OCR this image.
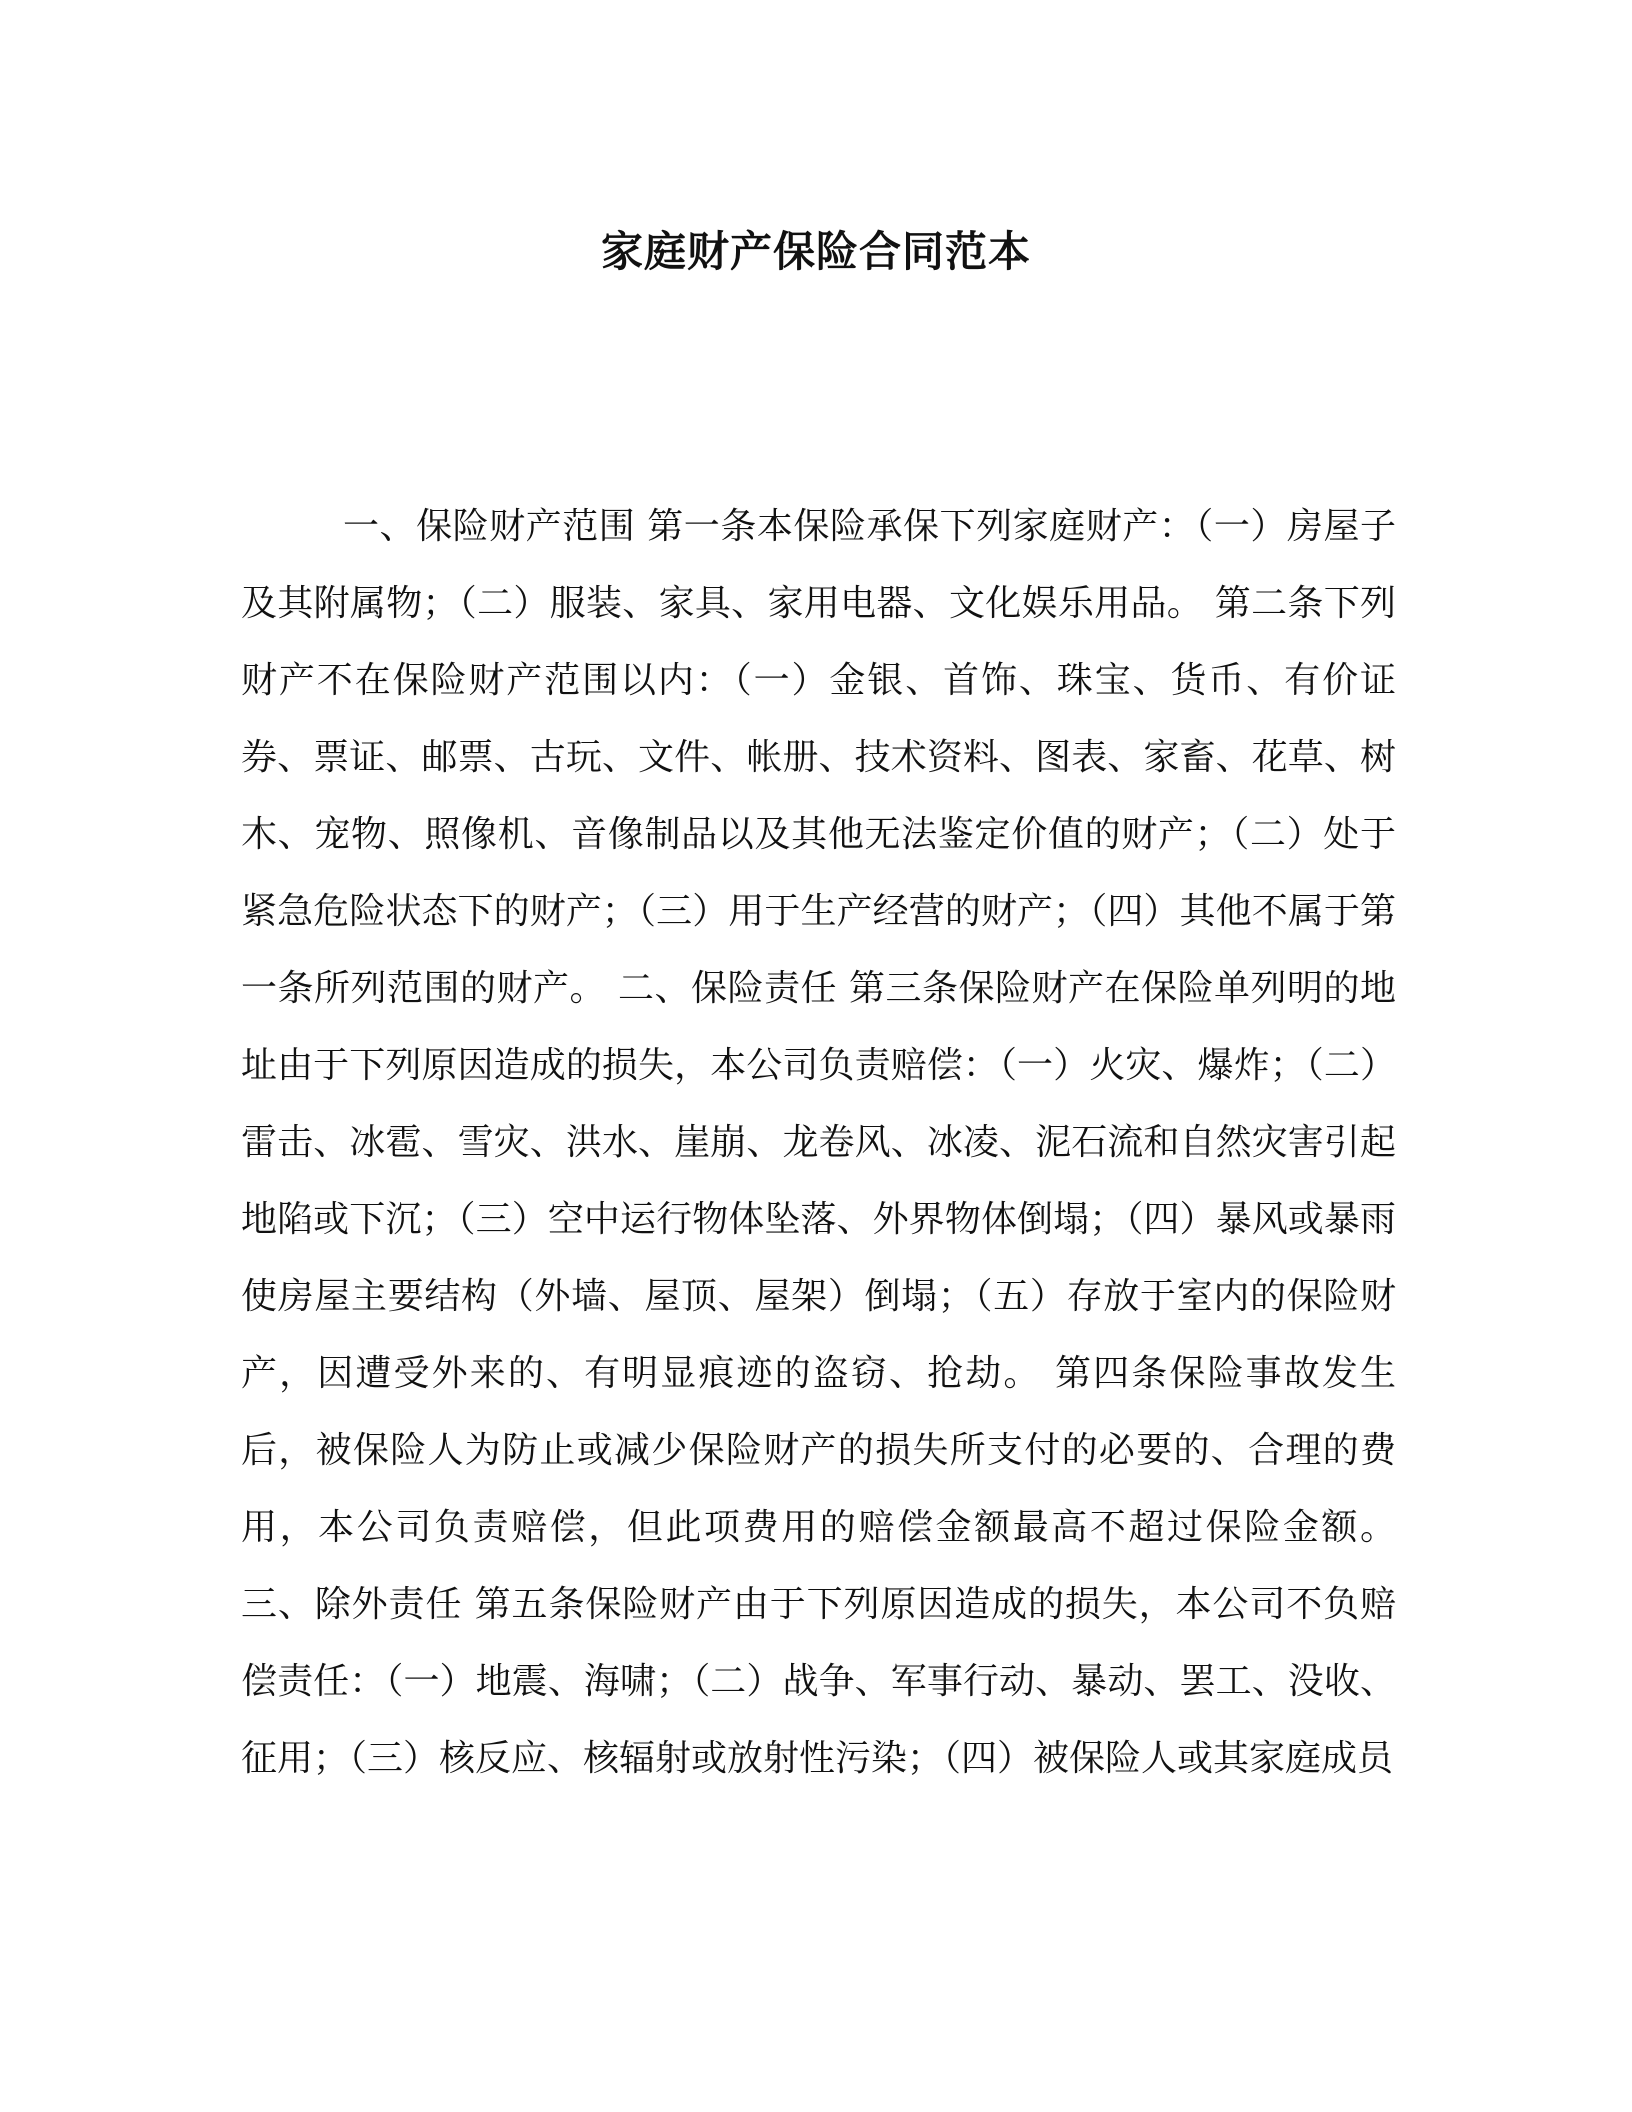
家庭财产保险合同范本

一、保险财产范围 第一条本保险承保下列家庭财产：（一）房屋子及其附属物；（二）服装、家具、家用电器、文化娱乐用品。 第二条下列财产不在保险财产范围以内：（一）金银、首饰、珠宝、货币、有价证券、票证、邮票、古玩、文件、帐册、技术资料、图表、家畜、花草、树木、宠物、照像机、音像制品以及其他无法鉴定价值的财产；（二）处于紧急危险状态下的财产；（三）用于生产经营的财产；（四）其他不属于第一条所列范围的财产。 二、保险责任 第三条保险财产在保险单列明的地址由于下列原因造成的损失，本公司负责赔偿：（一）火灾、爆炸；（二）雷击、冰雹、雪灾、洪水、崖崩、龙卷风、冰凌、泥石流和自然灾害引起地陷或下沉；（三）空中运行物体坠落、外界物体倒塌；（四）暴风或暴雨使房屋主要结构（外墙、屋顶、屋架）倒塌；（五）存放于室内的保险财产，因遭受外来的、有明显痕迹的盗窃、抢劫。 第四条保险事故发生后，被保险人为防止或减少保险财产的损失所支付的必要的、合理的费用，本公司负责赔偿，但此项费用的赔偿金额最高不超过保险金额。 三、除外责任 第五条保险财产由于下列原因造成的损失，本公司不负赔偿责任：（一）地震、海啸；（二）战争、军事行动、暴动、罢工、没收、征用；（三）核反应、核辐射或放射性污染；（四）被保险人或其家庭成员
